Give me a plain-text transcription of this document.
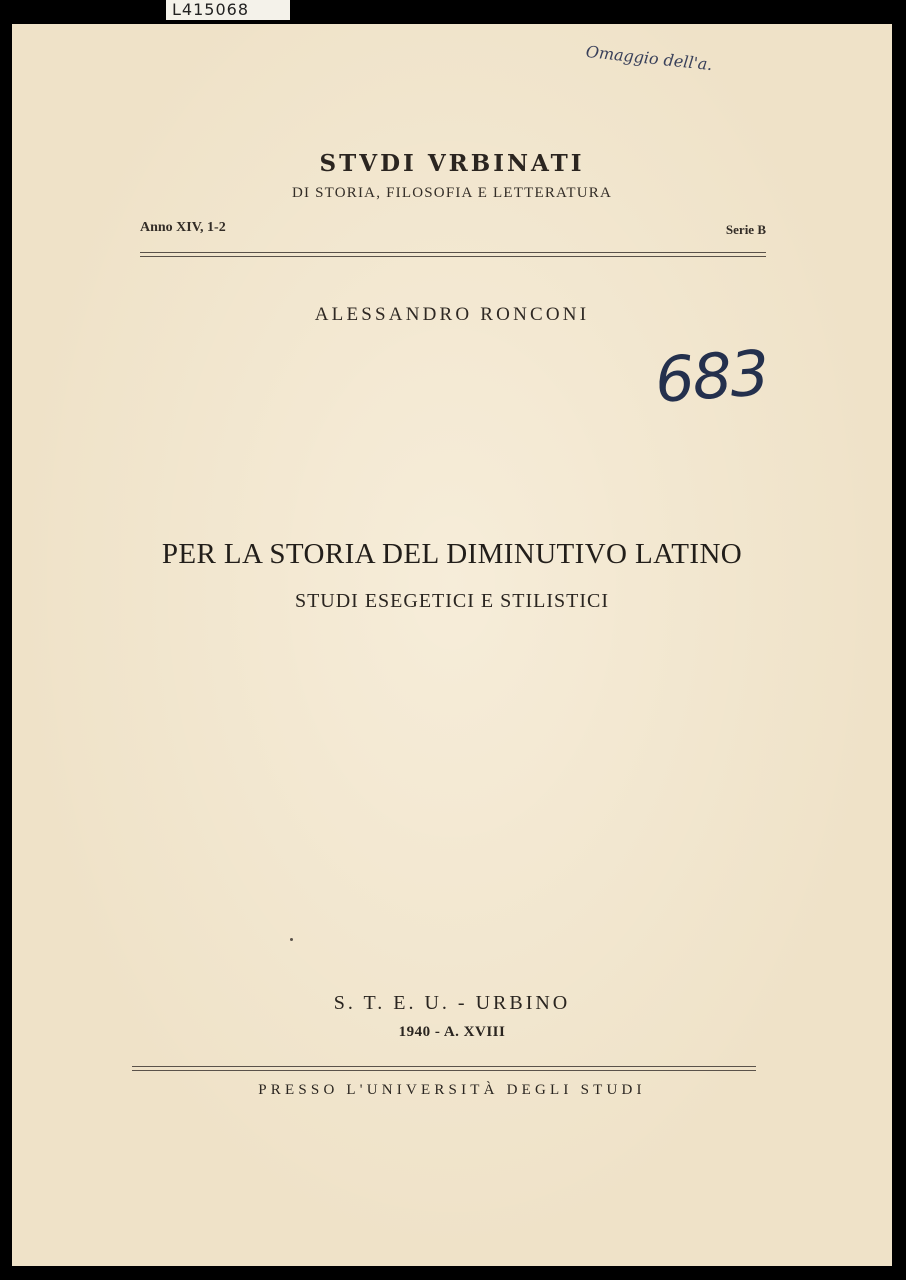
L415068
Omaggio dell'a.
STVDI VRBINATI
DI STORIA, FILOSOFIA E LETTERATURA
Anno XIV, 1-2	Serie B
ALESSANDRO RONCONI
683
PER LA STORIA DEL DIMINUTIVO LATINO
STUDI ESEGETICI E STILISTICI
S. T. E. U. - URBINO
1940 - A. XVIII
PRESSO L'UNIVERSITÀ DEGLI STUDI
